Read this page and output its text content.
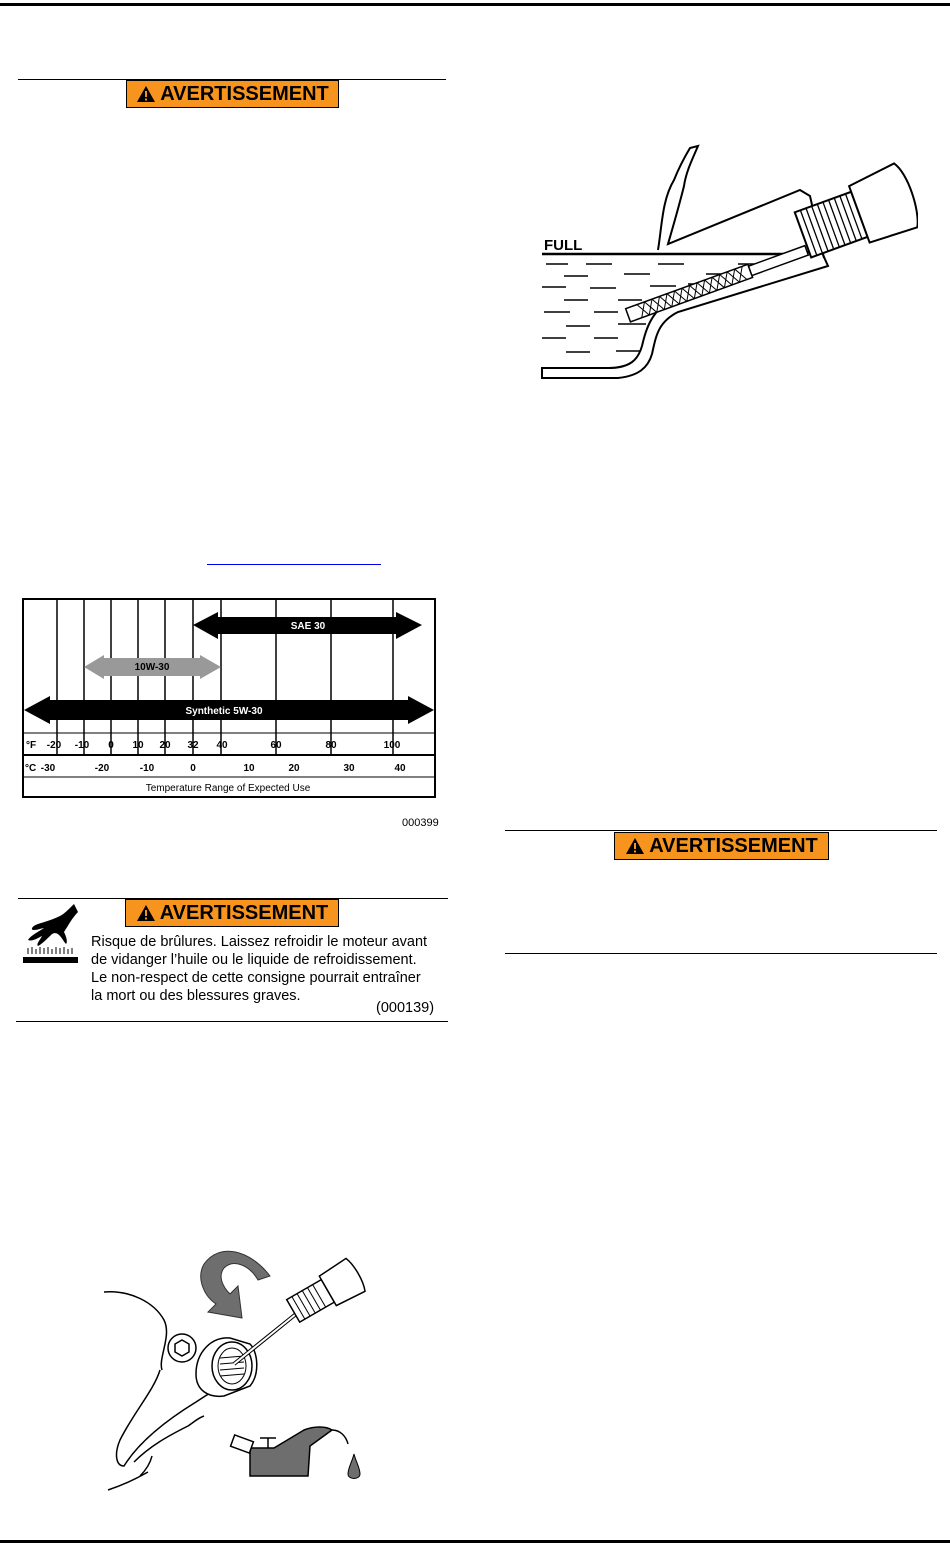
AVERTISSEMENT
SAE 30
10W-30
Synthetic 5W-30
°F -20 -10 0 10 20 32 40	60	80	100
°C -30	-20	-10	0	10	20	30	40
Temperature Range of Expected Use
000399
AVERTISSEMENT
Risque de brûlures. Laissez refroidir le moteur avant
de vidanger l’huile ou le liquide de refroidissement.
Le non-respect de cette consigne pourrait entraîner
la mort ou des blessures graves.
(000139)
FULL
AVERTISSEMENT
